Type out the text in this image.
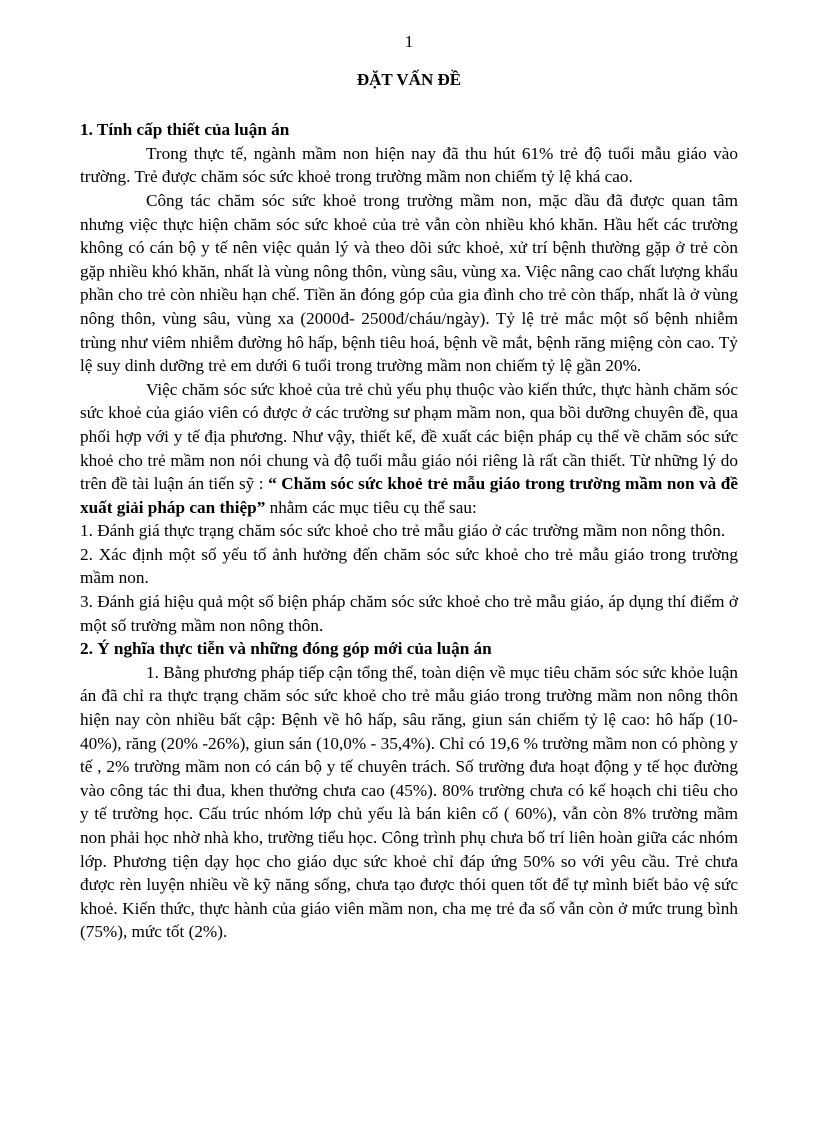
1
ĐẶT VẤN ĐỀ
1. Tính cấp thiết của luận án

Trong thực tế, ngành mầm non hiện nay đã thu hút 61% trẻ độ tuổi mẫu giáo vào trường. Trẻ được chăm sóc sức khoẻ trong trường mầm non chiếm tỷ lệ khá cao.

Công tác chăm sóc sức khoẻ trong trường mầm non, mặc dầu đã được quan tâm nhưng việc thực hiện chăm sóc sức khoẻ của trẻ vẫn còn nhiều khó khăn. Hầu hết các trường không có cán bộ y tế nên việc quản lý và theo dõi sức khoẻ, xử trí bệnh thường gặp ở trẻ còn gặp nhiều khó khăn, nhất là vùng nông thôn, vùng sâu, vùng xa. Việc nâng cao chất lượng khẩu phần cho trẻ còn nhiều hạn chế. Tiền ăn đóng góp của gia đình cho trẻ còn thấp, nhất là ở vùng nông thôn, vùng sâu, vùng xa (2000đ- 2500đ/cháu/ngày). Tỷ lệ trẻ mắc một số bệnh nhiễm trùng như viêm nhiễm đường hô hấp, bệnh tiêu hoá, bệnh về mắt, bệnh răng miệng còn cao. Tỷ lệ suy dinh dưỡng trẻ em dưới 6 tuổi trong trường mầm non chiếm tỷ lệ gần 20%.

Việc chăm sóc sức khoẻ của trẻ chủ yếu phụ thuộc vào kiến thức, thực hành chăm sóc sức khoẻ của giáo viên có được ở các trường sư phạm mầm non, qua bồi dưỡng chuyên đề, qua phối hợp với y tế địa phương. Như vậy, thiết kế, đề xuất các biện pháp cụ thể về chăm sóc sức khoẻ cho trẻ mầm non nói chung và độ tuổi mẫu giáo nói riêng là rất cần thiết. Từ những lý do trên đề tài luận án tiến sỹ : “ Chăm sóc sức khoẻ trẻ mẫu giáo trong trường mầm non và đề xuất giải pháp can thiệp” nhằm các mục tiêu cụ thể sau:

1. Đánh giá thực trạng chăm sóc sức khoẻ cho trẻ mẫu giáo ở các trường mầm non nông thôn.

2. Xác định một số yếu tố ảnh hưởng đến chăm sóc sức khoẻ cho trẻ mẫu giáo trong trường mầm non.

3. Đánh giá hiệu quả một số biện pháp chăm sóc sức khoẻ cho trẻ mẫu giáo, áp dụng thí điểm ở một số trường mầm non nông thôn.

2. Ý nghĩa thực tiễn và những đóng góp mới của luận án

1. Bằng phương pháp tiếp cận tổng thể, toàn diện về mục tiêu chăm sóc sức khỏe luận án đã chỉ ra thực trạng chăm sóc sức khoẻ cho trẻ mẫu giáo trong trường mầm non nông thôn hiện nay còn nhiều bất cập: Bệnh về hô hấp, sâu răng, giun sán chiếm tỷ lệ cao: hô hấp (10-40%), răng (20% -26%), giun sán (10,0% - 35,4%). Chỉ có 19,6 % trường mầm non có phòng y tế , 2% trường mầm non có cán bộ y tế chuyên trách. Số trường đưa hoạt động y tế học đường vào công tác thi đua, khen thưởng chưa cao (45%). 80% trường chưa có kế hoạch chi tiêu cho y tế trường học. Cấu trúc nhóm lớp chủ yếu là bán kiên cố ( 60%), vẫn còn 8% trường mầm non phải học nhờ nhà kho, trường tiểu học. Công trình phụ chưa bố trí liên hoàn giữa các nhóm lớp. Phương tiện dạy học cho giáo dục sức khoẻ chỉ đáp ứng 50% so với yêu cầu. Trẻ chưa được rèn luyện nhiều về kỹ năng sống, chưa tạo được thói quen tốt để tự mình biết bảo vệ sức khoẻ. Kiến thức, thực hành của giáo viên mầm non, cha mẹ trẻ đa số vẫn còn ở mức trung bình (75%), mức tốt (2%).
